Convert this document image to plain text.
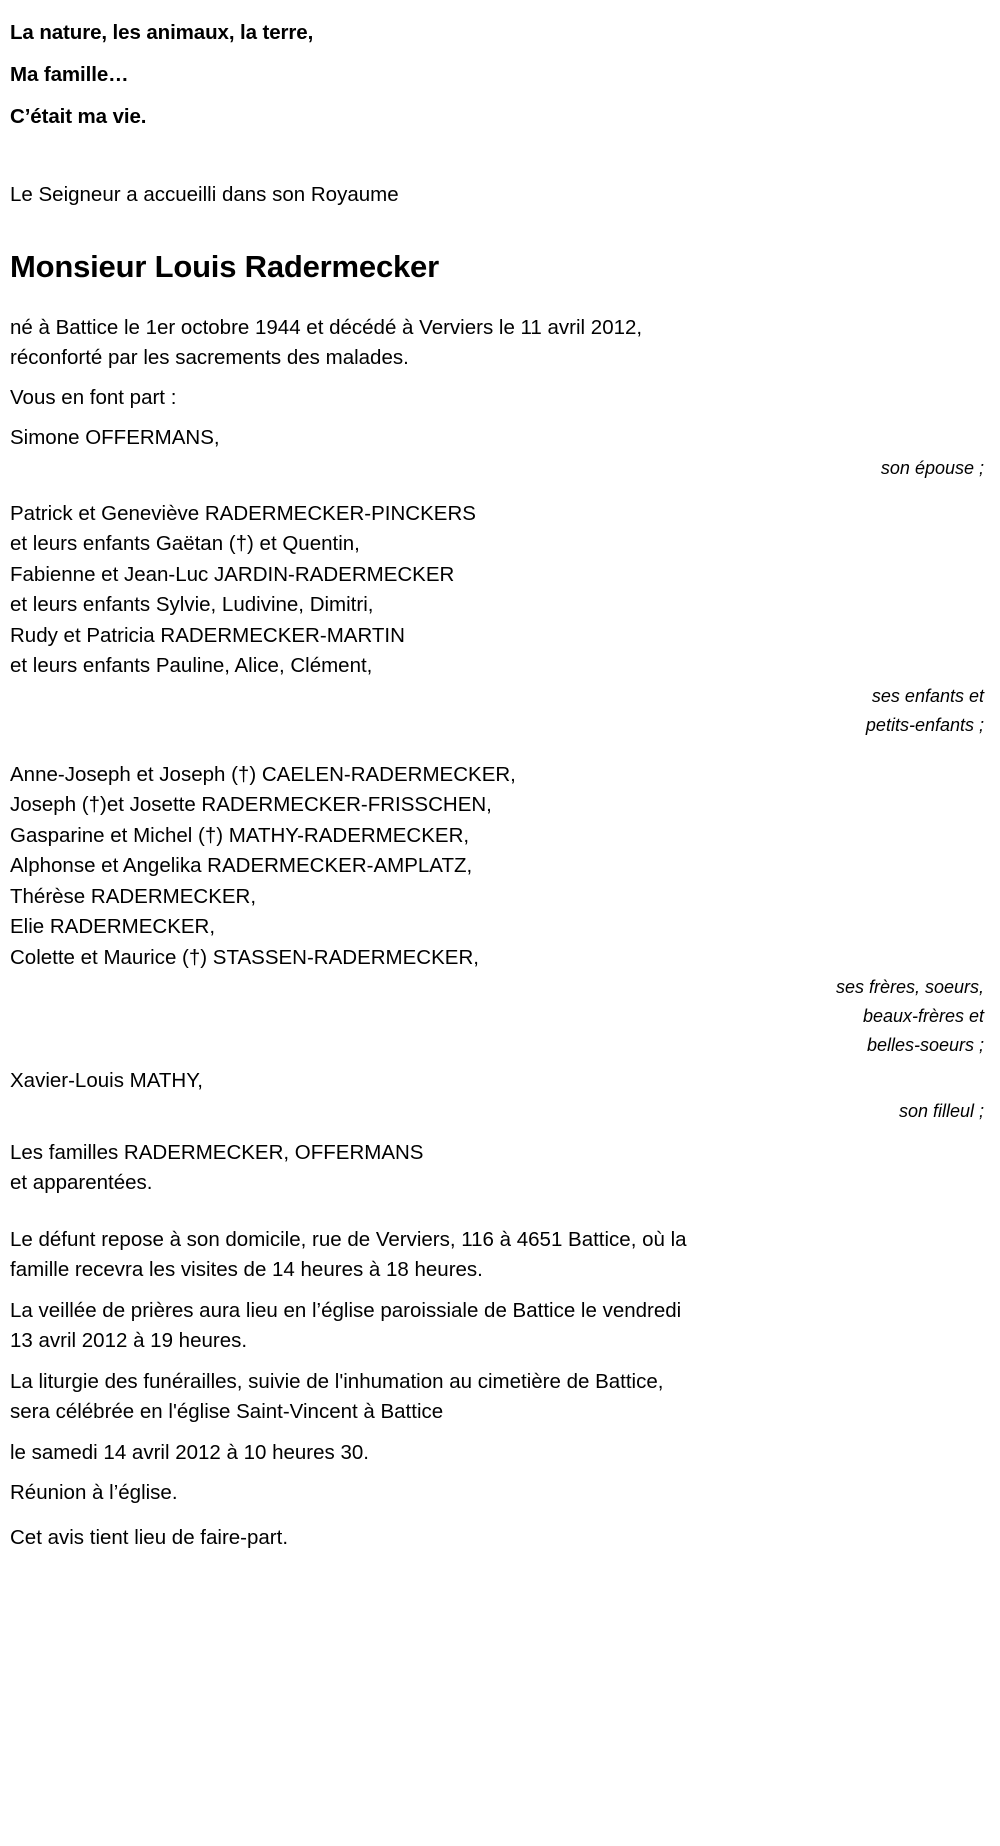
La nature, les animaux, la terre,
Ma famille…
C’était ma vie.
Le Seigneur a accueilli dans son Royaume
Monsieur Louis Radermecker
né à Battice le 1er octobre 1944 et décédé à Verviers le 11 avril 2012,
réconforté par les sacrements des malades.
Vous en font part :
Simone OFFERMANS,
son épouse ;
Patrick et Geneviève RADERMECKER-PINCKERS
et leurs enfants Gaëtan (†) et Quentin,
Fabienne et Jean-Luc JARDIN-RADERMECKER
et leurs enfants Sylvie, Ludivine, Dimitri,
Rudy et Patricia RADERMECKER-MARTIN
et leurs enfants Pauline, Alice, Clément,
ses enfants et
petits-enfants ;
Anne-Joseph et Joseph (†) CAELEN-RADERMECKER,
Joseph (†)et Josette RADERMECKER-FRISSCHEN,
Gasparine et Michel (†) MATHY-RADERMECKER,
Alphonse et Angelika RADERMECKER-AMPLATZ,
Thérèse RADERMECKER,
Elie RADERMECKER,
Colette et Maurice (†) STASSEN-RADERMECKER,
ses frères, soeurs,
beaux-frères et
belles-soeurs ;
Xavier-Louis MATHY,
son filleul ;
Les familles RADERMECKER, OFFERMANS
et apparentées.
Le défunt repose à son domicile, rue de Verviers, 116 à 4651 Battice, où la
famille recevra les visites de 14 heures à 18 heures.
La veillée de prières aura lieu en l’église paroissiale de Battice le vendredi
13 avril 2012 à 19 heures.
La liturgie des funérailles, suivie de l'inhumation au cimetière de Battice,
sera célébrée en l'église Saint-Vincent à Battice
le samedi 14 avril 2012 à 10 heures 30.
Réunion à l’église.
Cet avis tient lieu de faire-part.
